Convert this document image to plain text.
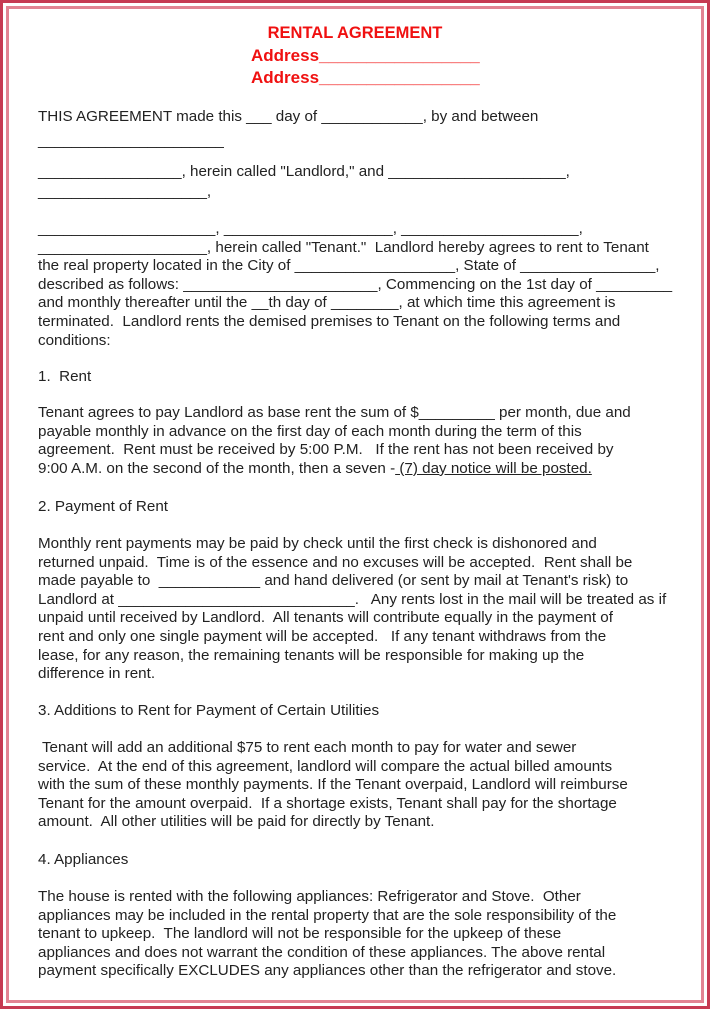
RENTAL AGREEMENT
Address_________________
Address_________________
THIS AGREEMENT made this ___ day of ____________, by and between
______________________
_________________, herein called "Landlord," and _____________________,
____________________,
_____________________, ____________________, _____________________,
____________________, herein called "Tenant."  Landlord hereby agrees to rent to Tenant
the real property located in the City of ___________________, State of ________________,
described as follows: _______________________, Commencing on the 1st day of _________
and monthly thereafter until the __th day of ________, at which time this agreement is
terminated.  Landlord rents the demised premises to Tenant on the following terms and
conditions:
1.  Rent
Tenant agrees to pay Landlord as base rent the sum of $_________ per month, due and
payable monthly in advance on the first day of each month during the term of this
agreement.  Rent must be received by 5:00 P.M.   If the rent has not been received by
9:00 A.M. on the second of the month, then a seven - (7) day notice will be posted.
2. Payment of Rent
Monthly rent payments may be paid by check until the first check is dishonored and
returned unpaid.  Time is of the essence and no excuses will be accepted.  Rent shall be
made payable to  ____________ and hand delivered (or sent by mail at Tenant's risk) to
Landlord at ____________________________.   Any rents lost in the mail will be treated as if
unpaid until received by Landlord.  All tenants will contribute equally in the payment of
rent and only one single payment will be accepted.   If any tenant withdraws from the
lease, for any reason, the remaining tenants will be responsible for making up the
difference in rent.
3. Additions to Rent for Payment of Certain Utilities
Tenant will add an additional $75 to rent each month to pay for water and sewer
service.  At the end of this agreement, landlord will compare the actual billed amounts
with the sum of these monthly payments. If the Tenant overpaid, Landlord will reimburse
Tenant for the amount overpaid.  If a shortage exists, Tenant shall pay for the shortage
amount.  All other utilities will be paid for directly by Tenant.
4. Appliances
The house is rented with the following appliances: Refrigerator and Stove.  Other
appliances may be included in the rental property that are the sole responsibility of the
tenant to upkeep.  The landlord will not be responsible for the upkeep of these
appliances and does not warrant the condition of these appliances. The above rental
payment specifically EXCLUDES any appliances other than the refrigerator and stove.
